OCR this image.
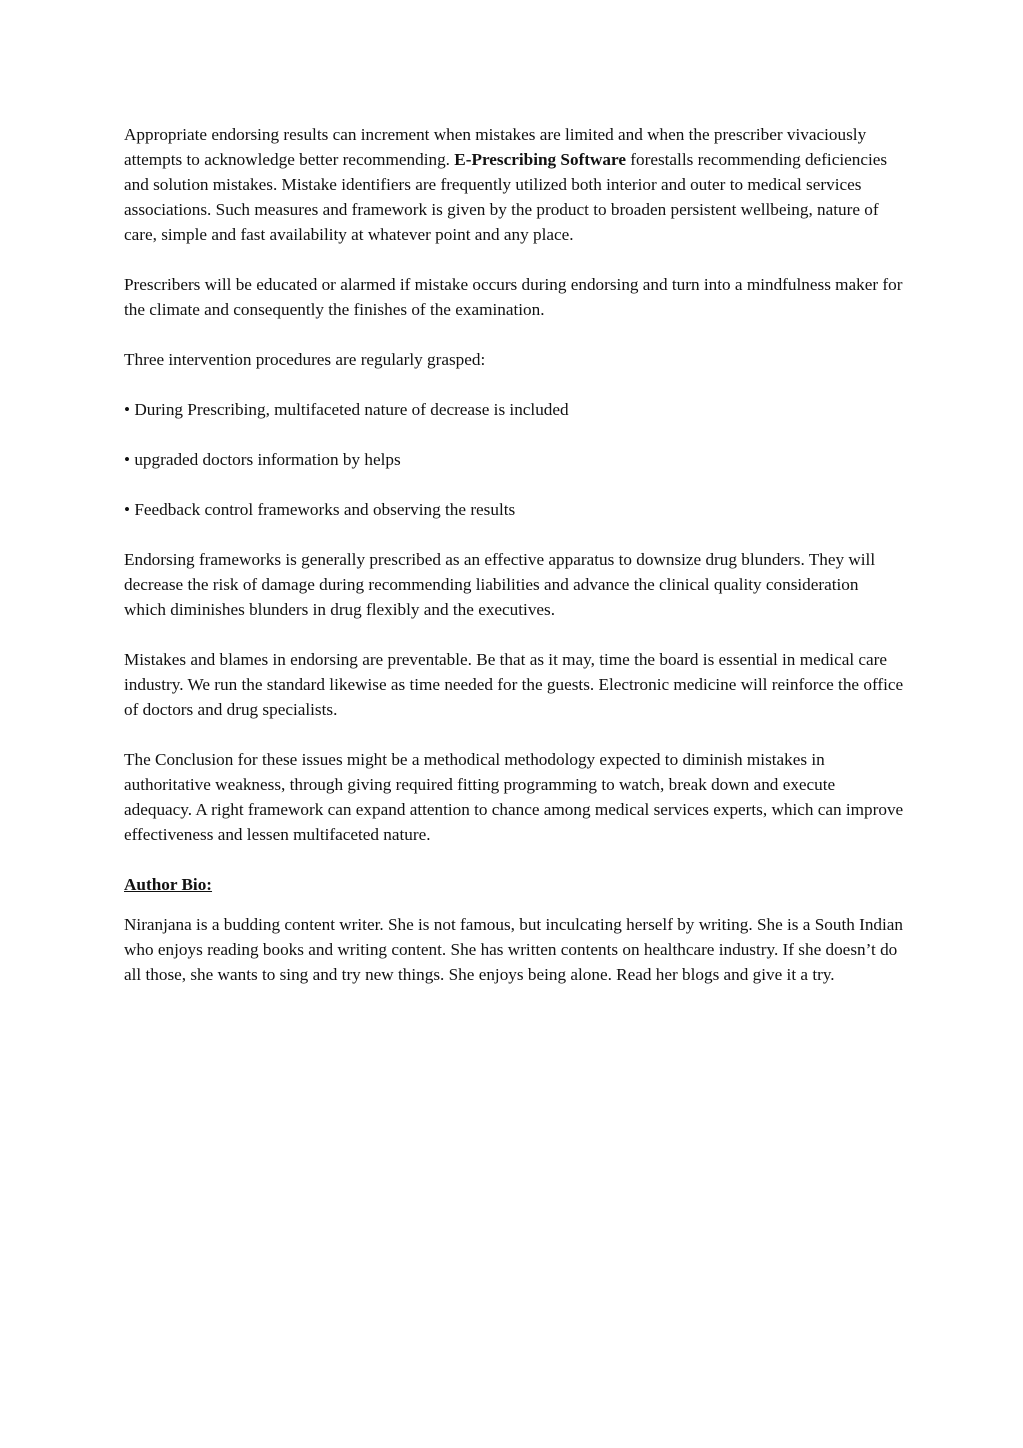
Appropriate endorsing results can increment when mistakes are limited and when the prescriber vivaciously attempts to acknowledge better recommending. E-Prescribing Software forestalls recommending deficiencies and solution mistakes. Mistake identifiers are frequently utilized both interior and outer to medical services associations. Such measures and framework is given by the product to broaden persistent wellbeing, nature of care, simple and fast availability at whatever point and any place.

Prescribers will be educated or alarmed if mistake occurs during endorsing and turn into a mindfulness maker for the climate and consequently the finishes of the examination.

Three intervention procedures are regularly grasped:

• During Prescribing, multifaceted nature of decrease is included

• upgraded doctors information by helps

• Feedback control frameworks and observing the results

Endorsing frameworks is generally prescribed as an effective apparatus to downsize drug blunders. They will decrease the risk of damage during recommending liabilities and advance the clinical quality consideration which diminishes blunders in drug flexibly and the executives.

Mistakes and blames in endorsing are preventable. Be that as it may, time the board is essential in medical care industry. We run the standard likewise as time needed for the guests. Electronic medicine will reinforce the office of doctors and drug specialists.

The Conclusion for these issues might be a methodical methodology expected to diminish mistakes in authoritative weakness, through giving required fitting programming to watch, break down and execute adequacy. A right framework can expand attention to chance among medical services experts, which can improve effectiveness and lessen multifaceted nature.

Author Bio:

Niranjana is a budding content writer. She is not famous, but inculcating herself by writing. She is a South Indian who enjoys reading books and writing content. She has written contents on healthcare industry. If she doesn’t do all those, she wants to sing and try new things. She enjoys being alone. Read her blogs and give it a try.
